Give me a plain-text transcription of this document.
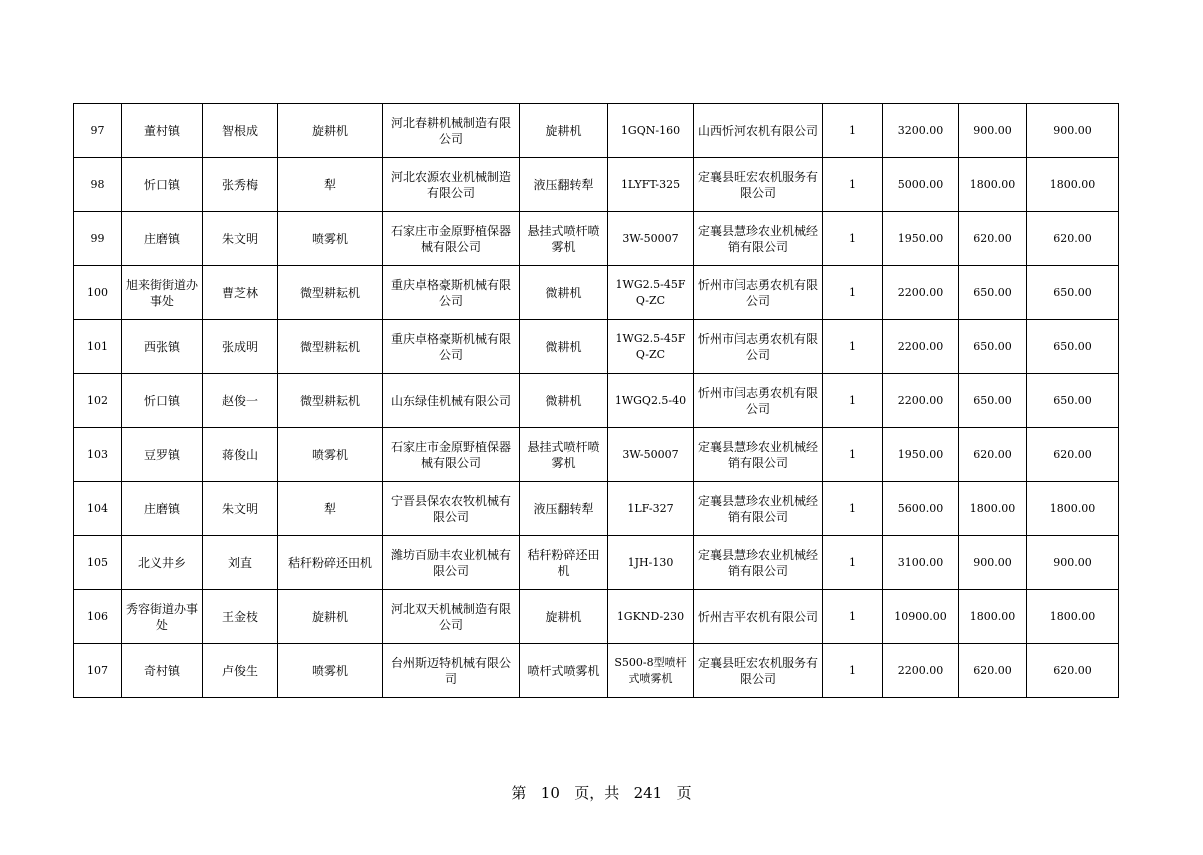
97	董村镇	智根成	旋耕机	河北春耕机械制造有限公司	旋耕机	1GQN-160	山西忻河农机有限公司	1	3200.00	900.00	900.00
98	忻口镇	张秀梅	犁	河北农源农业机械制造有限公司	液压翻转犁	1LYFT-325	定襄县旺宏农机服务有限公司	1	5000.00	1800.00	1800.00
99	庄磨镇	朱文明	喷雾机	石家庄市金原野植保器械有限公司	悬挂式喷杆喷雾机	3W-50007	定襄县慧珍农业机械经销有限公司	1	1950.00	620.00	620.00
100	旭来街街道办事处	曹芝林	微型耕耘机	重庆卓格豪斯机械有限公司	微耕机	1WG2.5-45FQ-ZC	忻州市闫志勇农机有限公司	1	2200.00	650.00	650.00
101	西张镇	张成明	微型耕耘机	重庆卓格豪斯机械有限公司	微耕机	1WG2.5-45FQ-ZC	忻州市闫志勇农机有限公司	1	2200.00	650.00	650.00
102	忻口镇	赵俊一	微型耕耘机	山东绿佳机械有限公司	微耕机	1WGQ2.5-40	忻州市闫志勇农机有限公司	1	2200.00	650.00	650.00
103	豆罗镇	蒋俊山	喷雾机	石家庄市金原野植保器械有限公司	悬挂式喷杆喷雾机	3W-50007	定襄县慧珍农业机械经销有限公司	1	1950.00	620.00	620.00
104	庄磨镇	朱文明	犁	宁晋县保农农牧机械有限公司	液压翻转犁	1LF-327	定襄县慧珍农业机械经销有限公司	1	5600.00	1800.00	1800.00
105	北义井乡	刘直	秸秆粉碎还田机	潍坊百励丰农业机械有限公司	秸秆粉碎还田机	1JH-130	定襄县慧珍农业机械经销有限公司	1	3100.00	900.00	900.00
106	秀容街道办事处	王金枝	旋耕机	河北双天机械制造有限公司	旋耕机	1GKND-230	忻州吉平农机有限公司	1	10900.00	1800.00	1800.00
107	奇村镇	卢俊生	喷雾机	台州斯迈特机械有限公司	喷杆式喷雾机	S500-8型喷杆式喷雾机	定襄县旺宏农机服务有限公司	1	2200.00	620.00	620.00
第 10 页，共 241 页
